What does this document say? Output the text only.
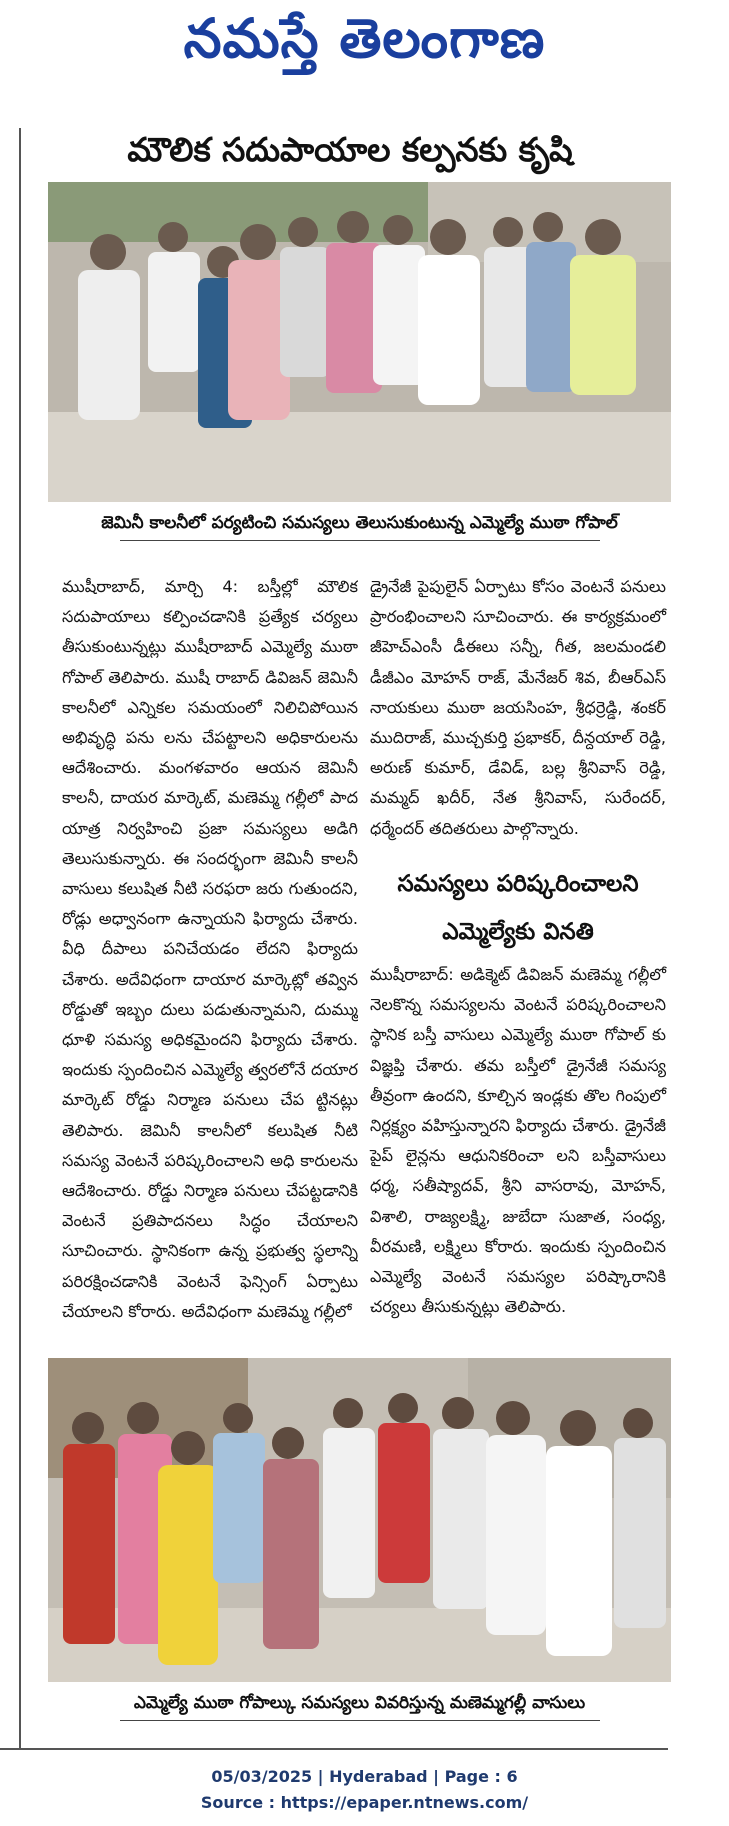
నమస్తే తెలంగాణ
మౌలిక సదుపాయాల కల్పనకు కృషి
జెమినీ కాలనీలో పర్యటించి సమస్యలు తెలుసుకుంటున్న ఎమ్మెల్యే ముఠా గోపాల్

ముషీరాబాద్, మార్చి 4: బస్తీల్లో మౌలిక సదుపాయాలు కల్పించడానికి ప్రత్యేక చర్యలు తీసుకుంటున్నట్లు ముషీరాబాద్ ఎమ్మెల్యే ముఠా గోపాల్ తెలిపారు. ముషీ రాబాద్ డివిజన్ జెమినీ కాలనీలో ఎన్నికల సమయంలో నిలిచిపోయిన అభివృద్ధి పను లను చేపట్టాలని అధికారులను ఆదేశించారు. మంగళవారం ఆయన జెమినీ కాలనీ, దాయర మార్కెట్, మణెమ్మ గల్లీలో పాద యాత్ర నిర్వహించి ప్రజా సమస్యలు అడిగి తెలుసుకున్నారు. ఈ సందర్భంగా జెమినీ కాలనీ వాసులు కలుషిత నీటి సరఫరా జరు గుతుందని, రోడ్లు అధ్వానంగా ఉన్నాయని ఫిర్యాదు చేశారు. వీధి దీపాలు పనిచేయడం లేదని ఫిర్యాదు చేశారు. అదేవిధంగా దాయార మార్కెట్లో తవ్విన రోడ్డుతో ఇబ్బం దులు పడుతున్నామని, దుమ్ము ధూళి సమస్య అధికమైందని ఫిర్యాదు చేశారు. ఇందుకు స్పందించిన ఎమ్మెల్యే త్వరలోనే దయార మార్కెట్ రోడ్డు నిర్మాణ పనులు చేప ట్టినట్లు తెలిపారు. జెమినీ కాలనీలో కలుషిత నీటి సమస్య వెంటనే పరిష్కరించాలని అధి కారులను ఆదేశించారు. రోడ్డు నిర్మాణ పనులు చేపట్టడానికి వెంటనే ప్రతిపాదనలు సిద్ధం చేయాలని సూచించారు. స్థానికంగా ఉన్న ప్రభుత్వ స్థలాన్ని పరిరక్షించడానికి వెంటనే ఫెన్సింగ్ ఏర్పాటు చేయాలని కోరారు. అదేవిధంగా మణెమ్మ గల్లీలో

డ్రైనేజీ పైపులైన్ ఏర్పాటు కోసం వెంటనే పనులు ప్రారంభించాలని సూచించారు. ఈ కార్యక్రమంలో జీహెచ్ఎంసీ డీఈలు సన్నీ, గీత, జలమండలి డీజీఎం మోహన్ రాజ్, మేనేజర్ శివ, బీఆర్ఎస్ నాయకులు ముఠా జయసింహ, శ్రీధర్రెడ్డి, శంకర్ ముదిరాజ్, ముచ్చకుర్తి ప్రభాకర్, దీన్దయాల్ రెడ్డి, అరుణ్ కుమార్, డేవిడ్, బల్ల శ్రీనివాస్ రెడ్డి, మమ్మద్ ఖదీర్, నేత శ్రీనివాస్, సురేందర్, ధర్మేందర్ తదితరులు పాల్గొన్నారు.

సమస్యలు పరిష్కరించాలని
ఎమ్మెల్యేకు వినతి

ముషీరాబాద్: అడిక్మెట్ డివిజన్ మణెమ్మ గల్లీలో నెలకొన్న సమస్యలను వెంటనే పరిష్కరించాలని స్థానిక బస్తీ వాసులు ఎమ్మెల్యే ముఠా గోపాల్ కు విజ్ఞప్తి చేశారు. తమ బస్తీలో డ్రైనేజీ సమస్య తీవ్రంగా ఉందని, కూల్చిన ఇండ్లకు తొల గింపులో నిర్లక్ష్యం వహిస్తున్నారని ఫిర్యాదు చేశారు. డ్రైనేజీ పైప్ లైన్లను ఆధునికరించా లని బస్తీవాసులు ధర్మ, సతీష్యాదవ్, శ్రీని వాసరావు, మోహన్, విశాలి, రాజ్యలక్ష్మి, జుబేదా సుజాత, సంధ్య, వీరమణి, లక్ష్మిలు కోరారు. ఇందుకు స్పందించిన ఎమ్మెల్యే వెంటనే సమస్యల పరిష్కారానికి చర్యలు తీసుకున్నట్లు తెలిపారు.

ఎమ్మెల్యే ముఠా గోపాల్కు సమస్యలు వివరిస్తున్న మణెమ్మగల్లీ వాసులు
05/03/2025 | Hyderabad | Page : 6
Source : https://epaper.ntnews.com/
